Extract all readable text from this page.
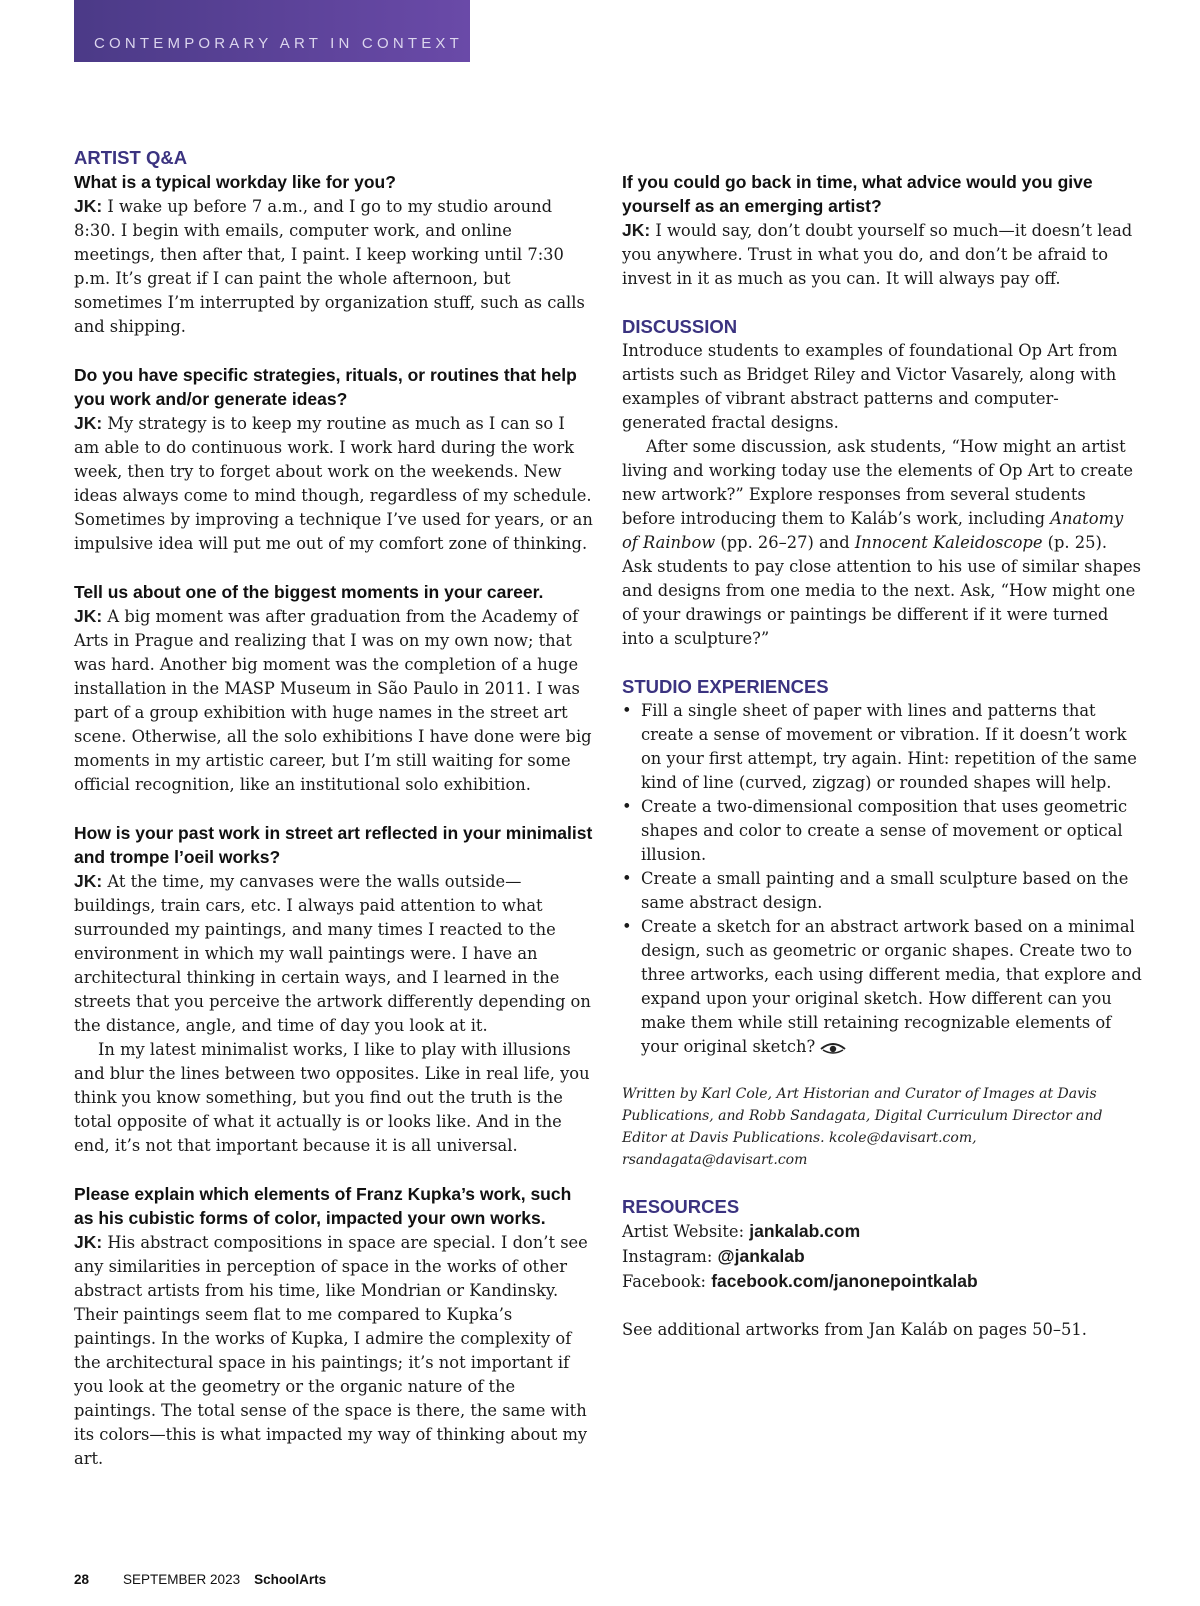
CONTEMPORARY ART IN CONTEXT

ARTIST Q&A

What is a typical workday like for you?

JK: I wake up before 7 a.m., and I go to my studio around 8:30. I begin with emails, computer work, and online meetings, then after that, I paint. I keep working until 7:30 p.m. It’s great if I can paint the whole afternoon, but sometimes I’m interrupted by organization stuff, such as calls and shipping.

Do you have specific strategies, rituals, or routines that help you work and/or generate ideas?

JK: My strategy is to keep my routine as much as I can so I am able to do continuous work. I work hard during the work week, then try to forget about work on the weekends. New ideas always come to mind though, regardless of my schedule. Sometimes by improving a technique I’ve used for years, or an impulsive idea will put me out of my comfort zone of thinking.

Tell us about one of the biggest moments in your career.

JK: A big moment was after graduation from the Academy of Arts in Prague and realizing that I was on my own now; that was hard. Another big moment was the completion of a huge installation in the MASP Museum in São Paulo in 2011. I was part of a group exhibition with huge names in the street art scene. Otherwise, all the solo exhibitions I have done were big moments in my artistic career, but I’m still waiting for some official recognition, like an institutional solo exhibition.

How is your past work in street art reflected in your minimalist and trompe l’oeil works?

JK: At the time, my canvases were the walls outside—buildings, train cars, etc. I always paid attention to what surrounded my paintings, and many times I reacted to the environment in which my wall paintings were. I have an architectural thinking in certain ways, and I learned in the streets that you perceive the artwork differently depending on the distance, angle, and time of day you look at it.

In my latest minimalist works, I like to play with illusions and blur the lines between two opposites. Like in real life, you think you know something, but you find out the truth is the total opposite of what it actually is or looks like. And in the end, it’s not that important because it is all universal.

Please explain which elements of Franz Kupka’s work, such as his cubistic forms of color, impacted your own works.

JK: His abstract compositions in space are special. I don’t see any similarities in perception of space in the works of other abstract artists from his time, like Mondrian or Kandinsky. Their paintings seem flat to me compared to Kupka’s paintings. In the works of Kupka, I admire the complexity of the architectural space in his paintings; it’s not important if you look at the geometry or the organic nature of the paintings. The total sense of the space is there, the same with its colors—this is what impacted my way of thinking about my art.

If you could go back in time, what advice would you give yourself as an emerging artist?

JK: I would say, don’t doubt yourself so much—it doesn’t lead you anywhere. Trust in what you do, and don’t be afraid to invest in it as much as you can. It will always pay off.

DISCUSSION

Introduce students to examples of foundational Op Art from artists such as Bridget Riley and Victor Vasarely, along with examples of vibrant abstract patterns and computer-generated fractal designs.

After some discussion, ask students, “How might an artist living and working today use the elements of Op Art to create new artwork?” Explore responses from several students before introducing them to Kaláb’s work, including Anatomy of Rainbow (pp. 26–27) and Innocent Kaleidoscope (p. 25). Ask students to pay close attention to his use of similar shapes and designs from one media to the next. Ask, “How might one of your drawings or paintings be different if it were turned into a sculpture?”

STUDIO EXPERIENCES

• Fill a single sheet of paper with lines and patterns that create a sense of movement or vibration. If it doesn’t work on your first attempt, try again. Hint: repetition of the same kind of line (curved, zigzag) or rounded shapes will help.
• Create a two-dimensional composition that uses geometric shapes and color to create a sense of movement or optical illusion.
• Create a small painting and a small sculpture based on the same abstract design.
• Create a sketch for an abstract artwork based on a minimal design, such as geometric or organic shapes. Create two to three artworks, each using different media, that explore and expand upon your original sketch. How different can you make them while still retaining recognizable elements of your original sketch?

Written by Karl Cole, Art Historian and Curator of Images at Davis Publications, and Robb Sandagata, Digital Curriculum Director and Editor at Davis Publications. kcole@davisart.com, rsandagata@davisart.com

RESOURCES

Artist Website: jankalab.com

Instagram: @jankalab

Facebook: facebook.com/janonepointkalab

See additional artworks from Jan Kaláb on pages 50–51.

28	SEPTEMBER 2023 SchoolArts
